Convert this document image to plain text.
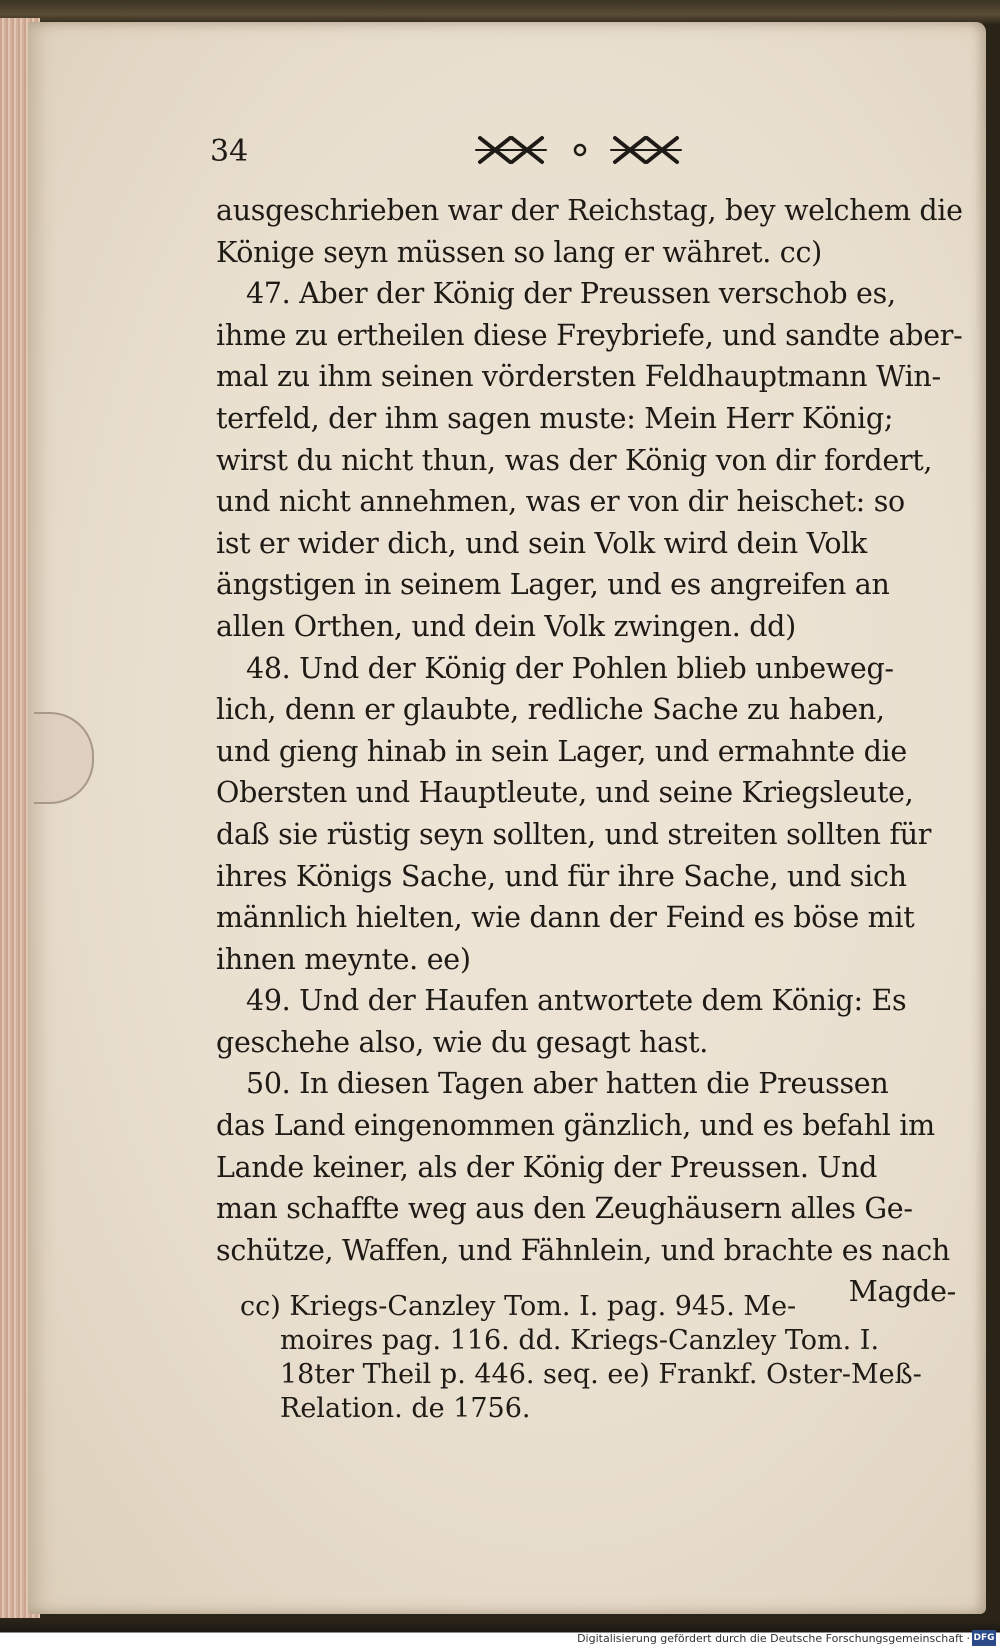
34
ausgeschrieben war der Reichstag, bey welchem die
Könige seyn müssen so lang er währet. cc)
47. Aber der König der Preussen verschob es,
ihme zu ertheilen diese Freybriefe, und sandte aber-
mal zu ihm seinen vördersten Feldhauptmann Win-
terfeld, der ihm sagen muste: Mein Herr König;
wirst du nicht thun, was der König von dir fordert,
und nicht annehmen, was er von dir heischet: so
ist er wider dich, und sein Volk wird dein Volk
ängstigen in seinem Lager, und es angreifen an
allen Orthen, und dein Volk zwingen. dd)
48. Und der König der Pohlen blieb unbeweg-
lich, denn er glaubte, redliche Sache zu haben,
und gieng hinab in sein Lager, und ermahnte die
Obersten und Hauptleute, und seine Kriegsleute,
daß sie rüstig seyn sollten, und streiten sollten für
ihres Königs Sache, und für ihre Sache, und sich
männlich hielten, wie dann der Feind es böse mit
ihnen meynte. ee)
49. Und der Haufen antwortete dem König: Es
geschehe also, wie du gesagt hast.
50. In diesen Tagen aber hatten die Preussen
das Land eingenommen gänzlich, und es befahl im
Lande keiner, als der König der Preussen. Und
man schaffte weg aus den Zeughäusern alles Ge-
schütze, Waffen, und Fähnlein, und brachte es nach
Magde-
cc) Kriegs-Canzley Tom. I. pag. 945. Me-
moires pag. 116. dd. Kriegs-Canzley Tom. I.
18ter Theil p. 446. seq. ee) Frankf. Oster-Meß-
Relation. de 1756.
Digitalisierung gefördert durch die Deutsche Forschungsgemeinschaft · DFG
